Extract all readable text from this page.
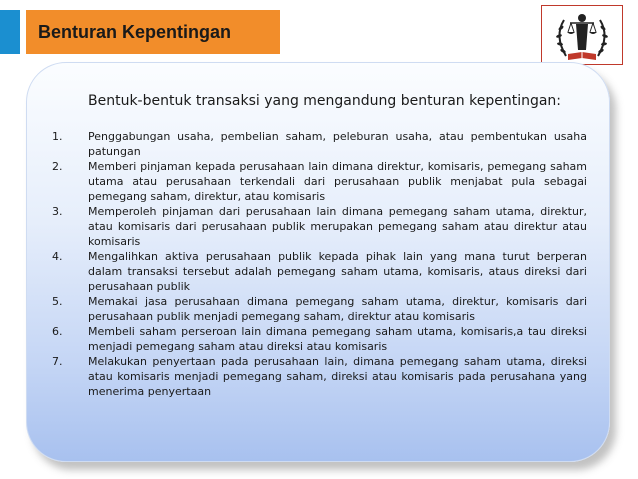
Benturan Kepentingan
Bentuk-bentuk transaksi yang mengandung benturan kepentingan:
1. Penggabungan usaha, pembelian saham, peleburan usaha, atau pembentukan usaha patungan
2. Memberi pinjaman kepada perusahaan lain dimana direktur, komisaris, pemegang saham utama atau perusahaan terkendali dari perusahaan publik menjabat pula sebagai pemegang saham, direktur, atau komisaris
3. Memperoleh pinjaman dari perusahaan lain dimana pemegang saham utama, direktur, atau komisaris dari perusahaan publik merupakan pemegang saham atau direktur atau komisaris
4. Mengalihkan aktiva perusahaan publik kepada pihak lain yang mana turut berperan dalam transaksi tersebut adalah pemegang saham utama, komisaris, ataus direksi dari perusahaan publik
5. Memakai jasa perusahaan dimana pemegang saham utama, direktur, komisaris dari perusahaan publik menjadi pemegang saham, direktur atau komisaris
6. Membeli saham perseroan lain dimana pemegang saham utama, komisaris,a tau direksi menjadi pemegang saham atau direksi atau komisaris
7. Melakukan penyertaan pada perusahaan lain, dimana pemegang saham utama, direksi atau komisaris menjadi pemegang saham, direksi atau komisaris pada perusahana yang menerima penyertaan
